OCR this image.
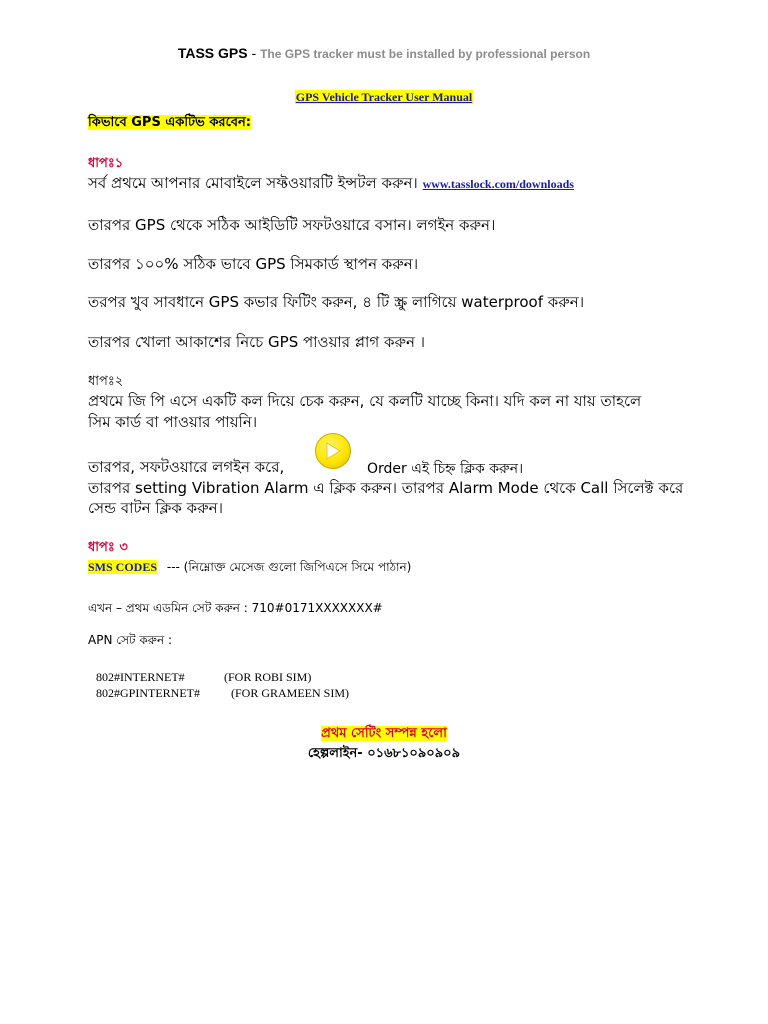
TASS GPS - The GPS tracker must be installed by professional person
GPS Vehicle Tracker User Manual
কিভাবে GPS একটিভ করবেন:
ধাপঃ১
সর্ব প্রথমে আপনার মোবাইলে সফ্টওয়ারটি ইন্সটল করুন। www.tasslock.com/downloads
তারপর GPS থেকে সঠিক আইডিটি সফটওয়ারে বসান। লগইন করুন।
তারপর ১০০% সঠিক ভাবে GPS সিমকার্ড স্থাপন করুন।
তরপর খুব সাবধানে GPS কভার ফিটিং করুন, ৪ টি স্ক্রু লাগিয়ে waterproof করুন।
তারপর খোলা আকাশের নিচে GPS পাওয়ার প্লাগ করুন ।
ধাপঃ২
প্রথমে জি পি এসে একটি কল দিয়ে চেক করুন, যে কলটি যাচ্ছে কিনা। যদি কল না যায় তাহলে
সিম কার্ড বা পাওয়ার পায়নি।
তারপর, সফটওয়ারে লগইন করে,	Order এই চিহ্ন ক্লিক করুন।
তারপর setting Vibration Alarm এ ক্লিক করুন। তারপর Alarm Mode থেকে Call সিলেক্ট করে
সেন্ড বাটন ক্লিক করুন।
ধাপঃ ৩
SMS CODES --- (নিম্নোক্ত মেসেজ গুলো জিপিএসে সিমে পাঠান)
এখন – প্রথম এডমিন সেট করুন : 710#0171XXXXXXX#
APN সেট করুন :
802#INTERNET#	(FOR ROBI SIM)
802#GPINTERNET#	(FOR GRAMEEN SIM)
প্রথম সেটিং সম্পন্ন হলো
হেল্পলাইন- ০১৬৮১০৯০৯০৯
